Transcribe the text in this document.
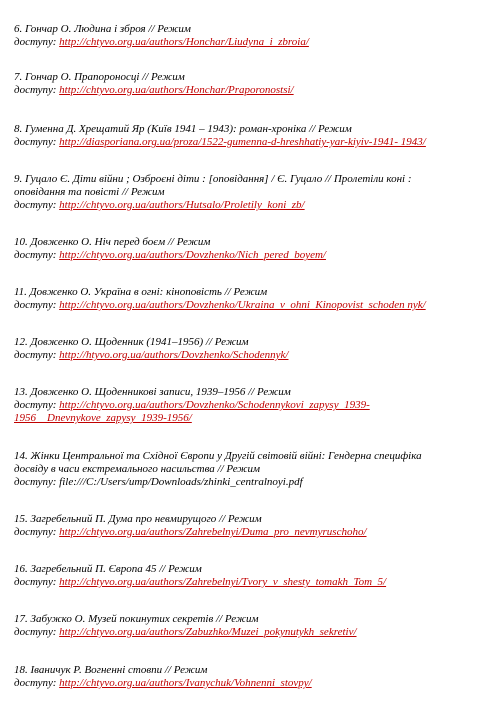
6. Гончар О. Людина і зброя // Режим
доступу: http://chtyvo.org.ua/authors/Honchar/Liudyna_i_zbroia/
7. Гончар О. Прапороносці // Режим
доступу: http://chtyvo.org.ua/authors/Honchar/Praporonostsi/
8. Гуменна Д. Хрещатий Яр (Київ 1941 – 1943): роман-хроніка // Режим
доступу: http://diasporiana.org.ua/proza/1522-gumenna-d-hreshhatiy-yar-kiyiv-1941- 1943/
9. Гуцало Є. Діти війни ; Озброєні діти : [оповідання] / Є. Гуцало // Пролетіли коні :
оповідання та повісті // Режим
доступу: http://chtyvo.org.ua/authors/Hutsalo/Proletily_koni_zb/
10. Довженко О. Ніч перед боєм // Режим
доступу: http://chtyvo.org.ua/authors/Dovzhenko/Nich_pered_boyem/
11. Довженко О. Україна в огні: кіноповість // Режим
доступу: http://chtyvo.org.ua/authors/Dovzhenko/Ukraina_v_ohni_Kinopovist_schoden nyk/
12. Довженко О. Щоденник (1941–1956) // Режим
доступу: http://htyvo.org.ua/authors/Dovzhenko/Schodennyk/
13. Довженко О. Щоденникові записи, 1939–1956 // Режим
доступу: http://chtyvo.org.ua/authors/Dovzhenko/Schodennykovi_zapysy_1939-
1956__Dnevnykove_zapysy_1939-1956/
14. Жінки Центральної та Східної Європи у Другій світовій війні: Гендерна специфіка
досвіду в часи екстремального насильства // Режим
доступу: file:///C:/Users/ump/Downloads/zhinki_centralnoyi.pdf
15. Загребельний П. Дума про невмирущого // Режим
доступу: http://chtyvo.org.ua/authors/Zahrebelnyi/Duma_pro_nevmyruschoho/
16. Загребельний П. Європа 45 // Режим
доступу: http://chtyvo.org.ua/authors/Zahrebelnyi/Tvory_v_shesty_tomakh_Tom_5/
17. Забужко О. Музей покинутих секретів // Режим
доступу: http://chtyvo.org.ua/authors/Zabuzhko/Muzei_pokynutykh_sekretiv/
18. Іваничук Р. Вогненні стовпи // Режим
доступу: http://chtyvo.org.ua/authors/Ivanychuk/Vohnenni_stovpy/
